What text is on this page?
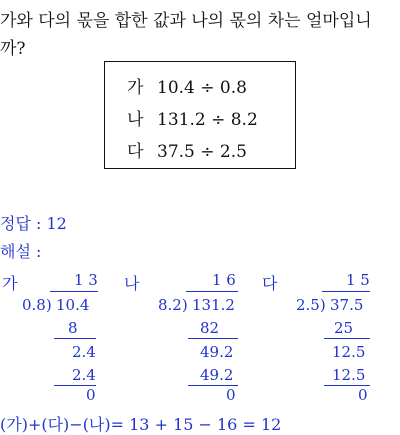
가와 다의 몫을 합한 값과 나의 몫의 차는 얼마입니
까?
가 10.4 ÷ 0.8
나 131.2 ÷ 8.2
다 37.5 ÷ 2.5
정답 : 12
해설 :
가	나	다
1 3
0.8) 10.4
8
2.4
2.4
0
1 6
8.2) 131.2
82
49.2
49.2
0
1 5
2.5) 37.5
25
12.5
12.5
0
(가)+(다)−(나)= 13 + 15 − 16 = 12
